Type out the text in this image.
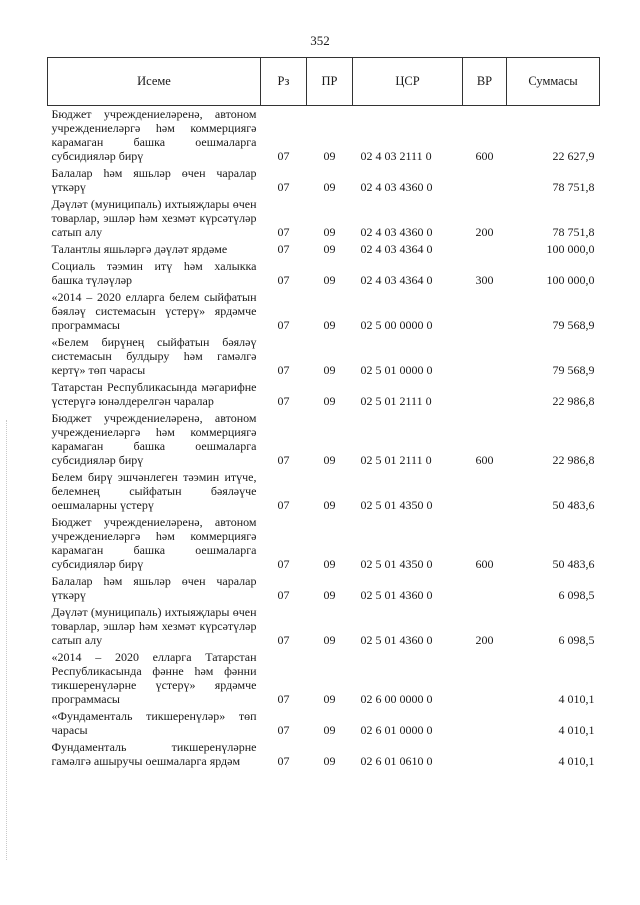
352
Исеме	Рз	ПР	ЦСР	ВР	Суммасы
Бюджет учреждениеләренә, автоном учреждениеләргә һәм коммерциягә карамаган башка оешмаларга субсидияләр бирү	07	09	02 4 03 2111 0	600	22 627,9
Балалар һәм яшьләр өчен чаралар үткәрү	07	09	02 4 03 4360 0		78 751,8
Дәүләт (муниципаль) ихтыяҗлары өчен товарлар, эшләр һәм хезмәт күрсәтүләр сатып алу	07	09	02 4 03 4360 0	200	78 751,8
Талантлы яшьләргә дәүләт ярдәме	07	09	02 4 03 4364 0		100 000,0
Социаль тәэмин итү һәм халыкка башка түләүләр	07	09	02 4 03 4364 0	300	100 000,0
«2014 – 2020 елларга белем сыйфатын бәяләү системасын үстерү» ярдәмче программасы	07	09	02 5 00 0000 0		79 568,9
«Белем бирүнең сыйфатын бәяләү системасын булдыру һәм гамәлгә кертү» төп чарасы	07	09	02 5 01 0000 0		79 568,9
Татарстан Республикасында мәгарифне үстерүгә юнәлдерелгән чаралар	07	09	02 5 01 2111 0		22 986,8
Бюджет учреждениеләренә, автоном учреждениеләргә һәм коммерциягә карамаган башка оешмаларга субсидияләр бирү	07	09	02 5 01 2111 0	600	22 986,8
Белем бирү эшчәнлеген тәэмин итүче, белемнең сыйфатын бәяләүче оешмаларны үстерү	07	09	02 5 01 4350 0		50 483,6
Бюджет учреждениеләренә, автоном учреждениеләргә һәм коммерциягә карамаган башка оешмаларга субсидияләр бирү	07	09	02 5 01 4350 0	600	50 483,6
Балалар һәм яшьләр өчен чаралар үткәрү	07	09	02 5 01 4360 0		6 098,5
Дәүләт (муниципаль) ихтыяҗлары өчен товарлар, эшләр һәм хезмәт күрсәтүләр сатып алу	07	09	02 5 01 4360 0	200	6 098,5
«2014 – 2020 елларга Татарстан Республикасында фәнне һәм фәнни тикшеренүләрне үстерү» ярдәмче программасы	07	09	02 6 00 0000 0		4 010,1
«Фундаменталь тикшеренүләр» төп чарасы	07	09	02 6 01 0000 0		4 010,1
Фундаменталь тикшеренүләрне гамәлгә ашыручы оешмаларга ярдәм	07	09	02 6 01 0610 0		4 010,1
